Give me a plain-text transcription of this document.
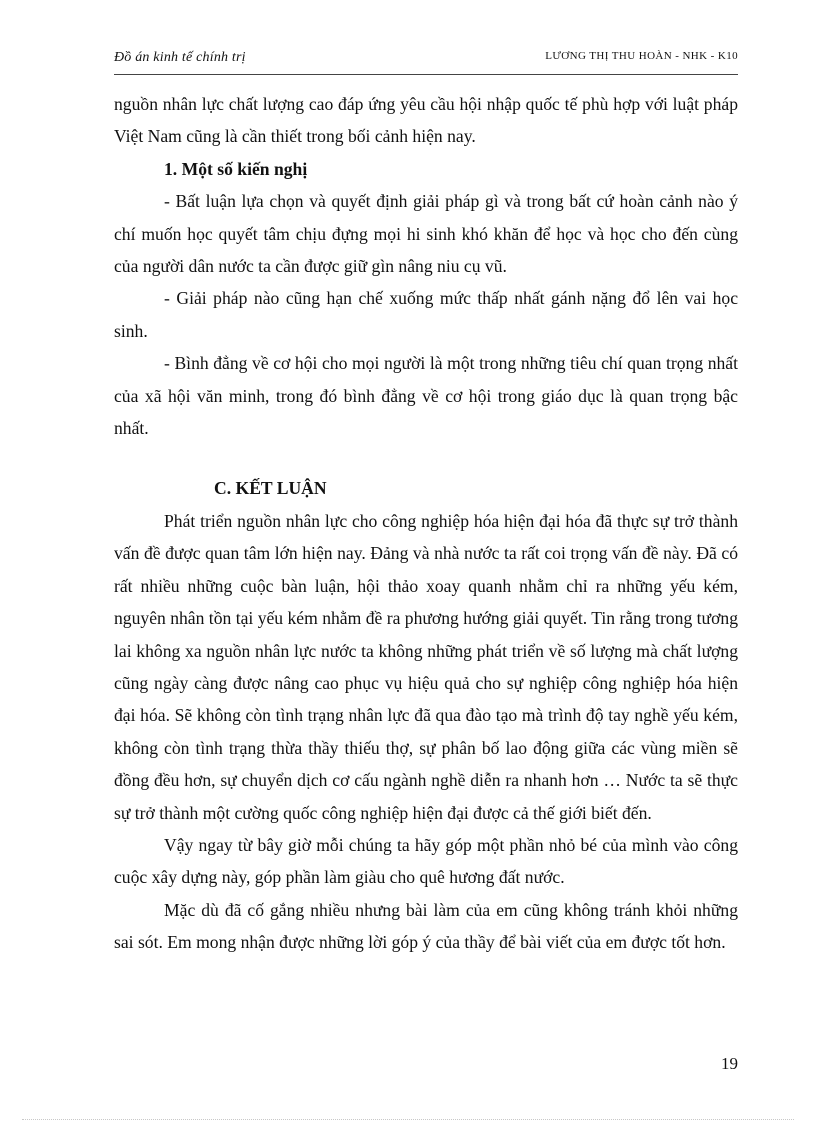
Đồ án kinh tế chính trị	LƯƠNG THỊ THU HOÀN - NHK - K10

nguồn nhân lực chất lượng cao đáp ứng yêu cầu hội nhập quốc tế phù hợp với luật pháp Việt Nam cũng là cần thiết trong bối cảnh hiện nay.

1. Một số kiến nghị

- Bất luận lựa chọn và quyết định giải pháp gì và trong bất cứ hoàn cảnh nào ý chí muốn học quyết tâm chịu đựng mọi hi sinh khó khăn để học và học cho đến cùng của người dân nước ta cần được giữ gìn nâng niu cụ vũ.

- Giải pháp nào cũng hạn chế xuống mức thấp nhất gánh nặng đổ lên vai học sinh.

- Bình đẳng về cơ hội cho mọi người là một trong những tiêu chí quan trọng nhất của xã hội văn minh, trong đó bình đẳng về cơ hội trong giáo dục là quan trọng bậc nhất.

C. KẾT LUẬN

Phát triển nguồn nhân lực cho công nghiệp hóa hiện đại hóa đã thực sự trở thành vấn đề được quan tâm lớn hiện nay. Đảng và nhà nước ta rất coi trọng vấn đề này. Đã có rất nhiều những cuộc bàn luận, hội thảo xoay quanh nhằm chỉ ra những yếu kém, nguyên nhân tồn tại yếu kém nhằm đề ra phương hướng giải quyết. Tin rằng trong tương lai không xa nguồn nhân lực nước ta không những phát triển về số lượng mà chất lượng cũng ngày càng được nâng cao phục vụ hiệu quả cho sự nghiệp công nghiệp hóa hiện đại hóa. Sẽ không còn tình trạng nhân lực đã qua đào tạo mà trình độ tay nghề yếu kém, không còn tình trạng thừa thầy thiếu thợ, sự phân bố lao động giữa các vùng miền sẽ đồng đều hơn, sự chuyển dịch cơ cấu ngành nghề diễn ra nhanh hơn … Nước ta sẽ thực sự trở thành một cường quốc công nghiệp hiện đại được cả thế giới biết đến.

Vậy ngay từ bây giờ mỗi chúng ta hãy góp một phần nhỏ bé của mình vào công cuộc xây dựng này, góp phần làm giàu cho quê hương đất nước.

Mặc dù đã cố gắng nhiều nhưng bài làm của em cũng không tránh khỏi những sai sót. Em mong nhận được những lời góp ý của thầy để bài viết của em được tốt hơn.

19
